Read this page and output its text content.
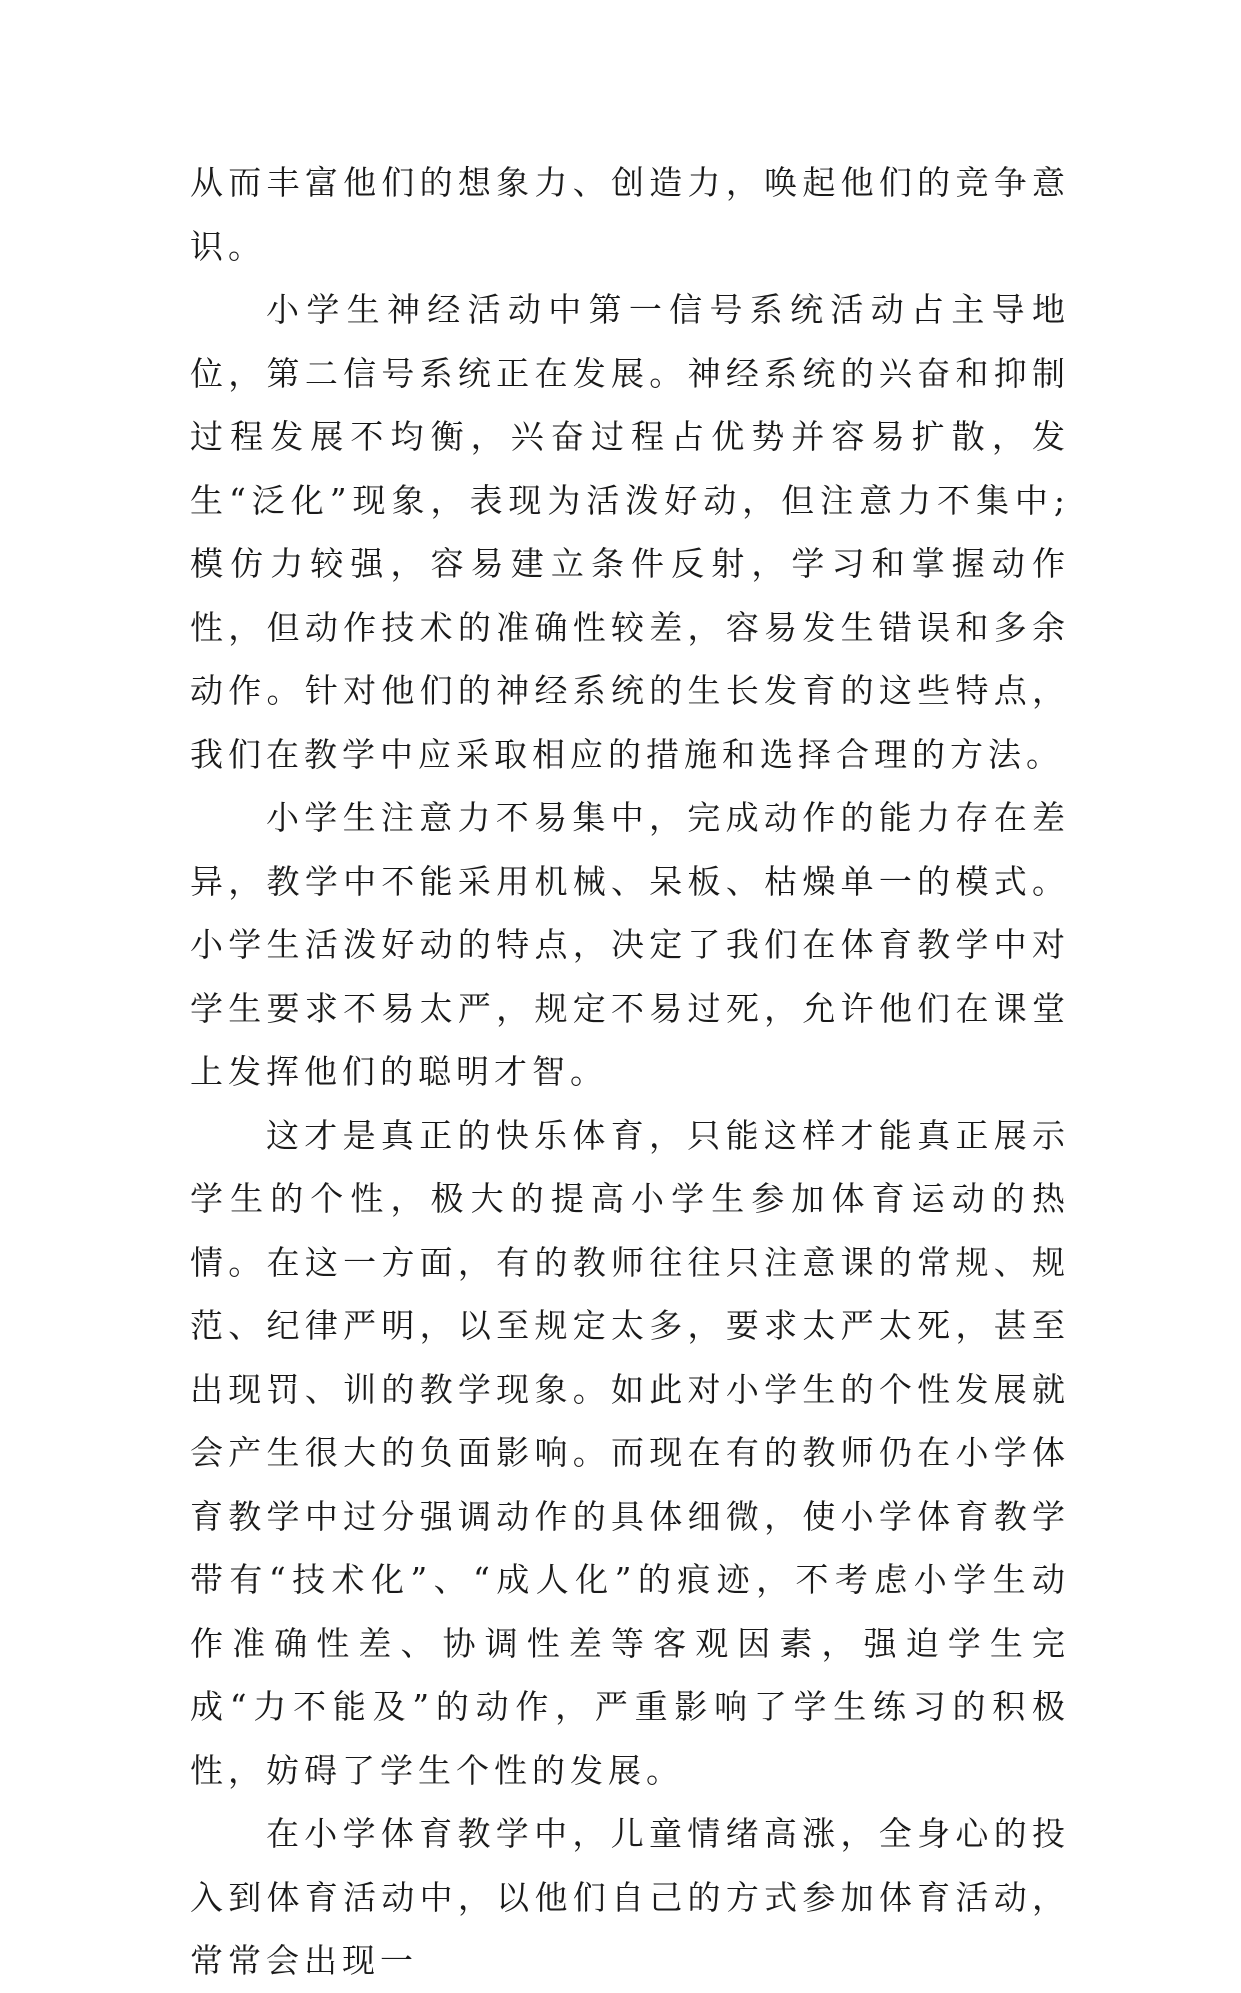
从而丰富他们的想象力、创造力，唤起他们的竞争意识。

小学生神经活动中第一信号系统活动占主导地位，第二信号系统正在发展。神经系统的兴奋和抑制过程发展不均衡，兴奋过程占优势并容易扩散，发生“泛化”现象，表现为活泼好动，但注意力不集中;模仿力较强，容易建立条件反射，学习和掌握动作性，但动作技术的准确性较差，容易发生错误和多余动作。针对他们的神经系统的生长发育的这些特点，我们在教学中应采取相应的措施和选择合理的方法。

小学生注意力不易集中，完成动作的能力存在差异，教学中不能采用机械、呆板、枯燥单一的模式。小学生活泼好动的特点，决定了我们在体育教学中对学生要求不易太严，规定不易过死，允许他们在课堂上发挥他们的聪明才智。

这才是真正的快乐体育，只能这样才能真正展示学生的个性，极大的提高小学生参加体育运动的热情。在这一方面，有的教师往往只注意课的常规、规范、纪律严明，以至规定太多，要求太严太死，甚至出现罚、训的教学现象。如此对小学生的个性发展就会产生很大的负面影响。而现在有的教师仍在小学体育教学中过分强调动作的具体细微，使小学体育教学带有“技术化”、“成人化”的痕迹，不考虑小学生动作准确性差、协调性差等客观因素，强迫学生完成“力不能及”的动作，严重影响了学生练习的积极性，妨碍了学生个性的发展。

在小学体育教学中，儿童情绪高涨，全身心的投入到体育活动中，以他们自己的方式参加体育活动，常常会出现一
